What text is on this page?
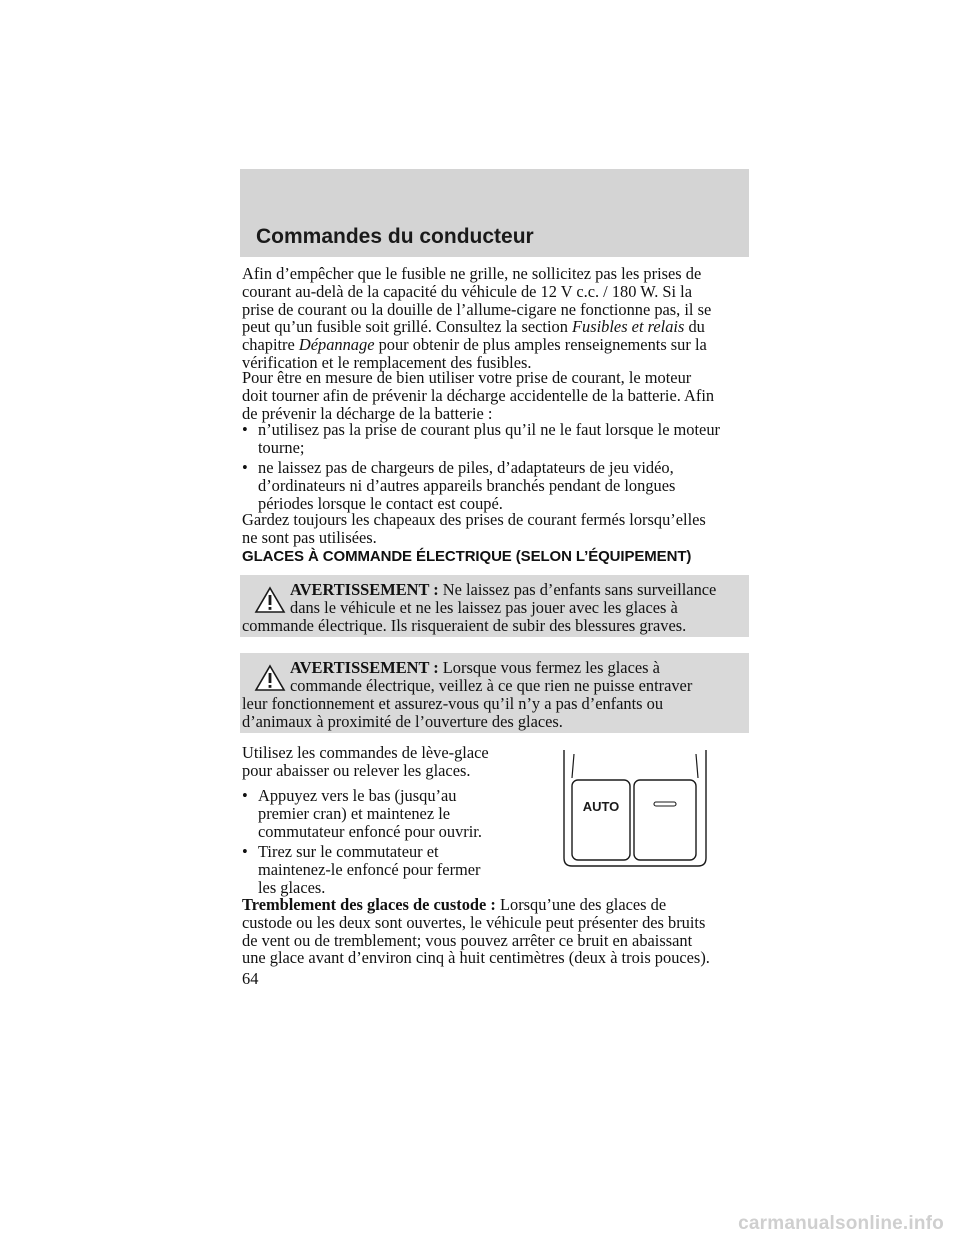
Commandes du conducteur
Afin d’empêcher que le fusible ne grille, ne sollicitez pas les prises de
courant au-delà de la capacité du véhicule de 12 V c.c. / 180 W. Si la
prise de courant ou la douille de l’allume-cigare ne fonctionne pas, il se
peut qu’un fusible soit grillé. Consultez la section Fusibles et relais du
chapitre Dépannage pour obtenir de plus amples renseignements sur la
vérification et le remplacement des fusibles.
Pour être en mesure de bien utiliser votre prise de courant, le moteur
doit tourner afin de prévenir la décharge accidentelle de la batterie. Afin
de prévenir la décharge de la batterie :
• n’utilisez pas la prise de courant plus qu’il ne le faut lorsque le moteur
tourne;
• ne laissez pas de chargeurs de piles, d’adaptateurs de jeu vidéo,
d’ordinateurs ni d’autres appareils branchés pendant de longues
périodes lorsque le contact est coupé.
Gardez toujours les chapeaux des prises de courant fermés lorsqu’elles
ne sont pas utilisées.
GLACES À COMMANDE ÉLECTRIQUE (SELON L’ÉQUIPEMENT)
AVERTISSEMENT : Ne laissez pas d’enfants sans surveillance
dans le véhicule et ne les laissez pas jouer avec les glaces à
commande électrique. Ils risqueraient de subir des blessures graves.
AVERTISSEMENT : Lorsque vous fermez les glaces à
commande électrique, veillez à ce que rien ne puisse entraver
leur fonctionnement et assurez-vous qu’il n’y a pas d’enfants ou
d’animaux à proximité de l’ouverture des glaces.
Utilisez les commandes de lève-glace
pour abaisser ou relever les glaces.
• Appuyez vers le bas (jusqu’au
premier cran) et maintenez le
commutateur enfoncé pour ouvrir.
• Tirez sur le commutateur et
maintenez-le enfoncé pour fermer
les glaces.
AUTO
Tremblement des glaces de custode : Lorsqu’une des glaces de
custode ou les deux sont ouvertes, le véhicule peut présenter des bruits
de vent ou de tremblement; vous pouvez arrêter ce bruit en abaissant
une glace avant d’environ cinq à huit centimètres (deux à trois pouces).
64
carmanualsonline.info
